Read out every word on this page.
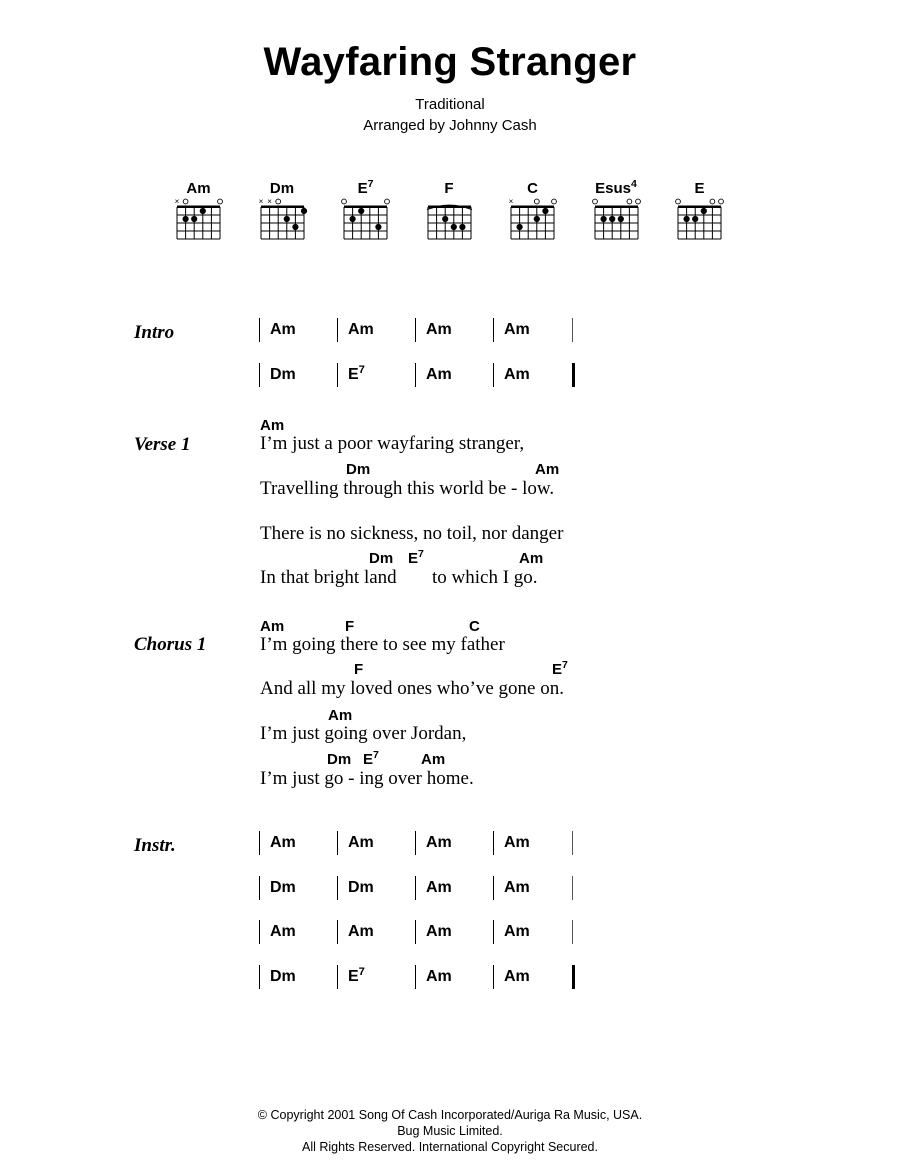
Wayfaring Stranger
Traditional
Arranged by Johnny Cash
Am
×
Dm
× ×
$E^7$	F	C
×
Esus$^4$	E
Intro
Verse 1
Chorus 1
Instr.
Am	Am	Am	Am
Dm	$E^7$	Am	Am
Am
I’m just a poor wayfaring stranger,
Dm	Am
Travelling through this world be - low.
There is no sickness, no toil, nor danger
Dm $E^7$	Am
In that bright land to which I go.
Am	F	C
I’m going there to see my father
F	$E^7$
And all my loved ones who’ve gone on.
Am
I’m just going over Jordan,
Dm $E^7$	Am
I’m just go - ing over home.
Am	Am	Am	Am
Dm	Dm	Am	Am
Am	Am	Am	Am
Dm	$E^7$	Am	Am
© Copyright 2001 Song Of Cash Incorporated/Auriga Ra Music, USA.
Bug Music Limited.
All Rights Reserved. International Copyright Secured.
